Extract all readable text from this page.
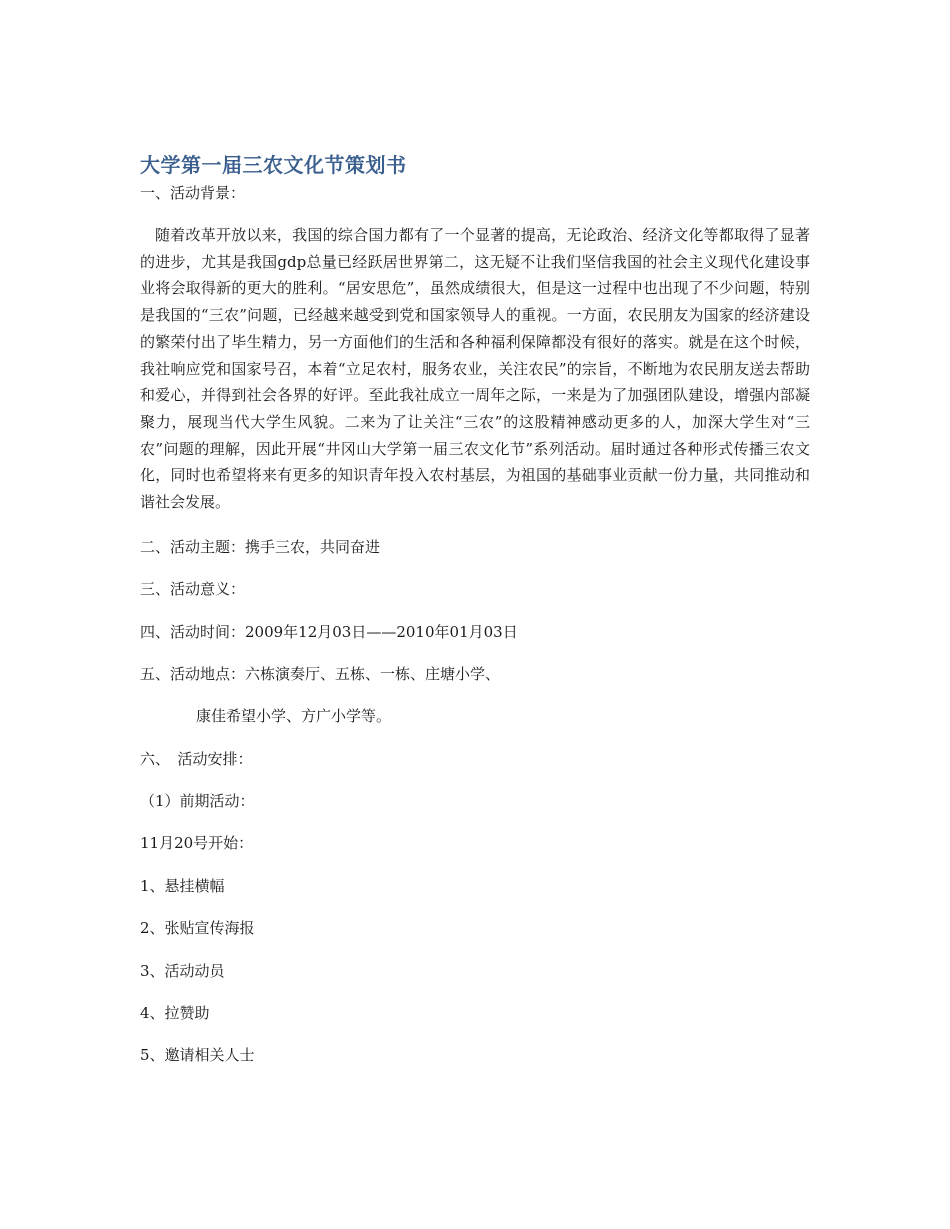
大学第一届三农文化节策划书

一、活动背景：

随着改革开放以来，我国的综合国力都有了一个显著的提高，无论政治、经济文化等都取得了显著的进步，尤其是我国gdp总量已经跃居世界第二，这无疑不让我们坚信我国的社会主义现代化建设事业将会取得新的更大的胜利。“居安思危”，虽然成绩很大，但是这一过程中也出现了不少问题，特别是我国的“三农”问题，已经越来越受到党和国家领导人的重视。一方面，农民朋友为国家的经济建设的繁荣付出了毕生精力，另一方面他们的生活和各种福利保障都没有很好的落实。就是在这个时候，我社响应党和国家号召，本着“立足农村，服务农业，关注农民”的宗旨，不断地为农民朋友送去帮助和爱心，并得到社会各界的好评。至此我社成立一周年之际，一来是为了加强团队建设，增强内部凝聚力，展现当代大学生风貌。二来为了让关注“三农”的这股精神感动更多的人，加深大学生对“三农”问题的理解，因此开展“井冈山大学第一届三农文化节”系列活动。届时通过各种形式传播三农文化，同时也希望将来有更多的知识青年投入农村基层，为祖国的基础事业贡献一份力量，共同推动和谐社会发展。

二、活动主题：携手三农，共同奋进

三、活动意义：

四、活动时间：2009年12月03日——2010年01月03日

五、活动地点：六栋演奏厅、五栋、一栋、庄塘小学、

康佳希望小学、方广小学等。

六、　活动安排：

（1）前期活动：

11月20号开始：

1、悬挂横幅

2、张贴宣传海报

3、活动动员

4、拉赞助

5、邀请相关人士
